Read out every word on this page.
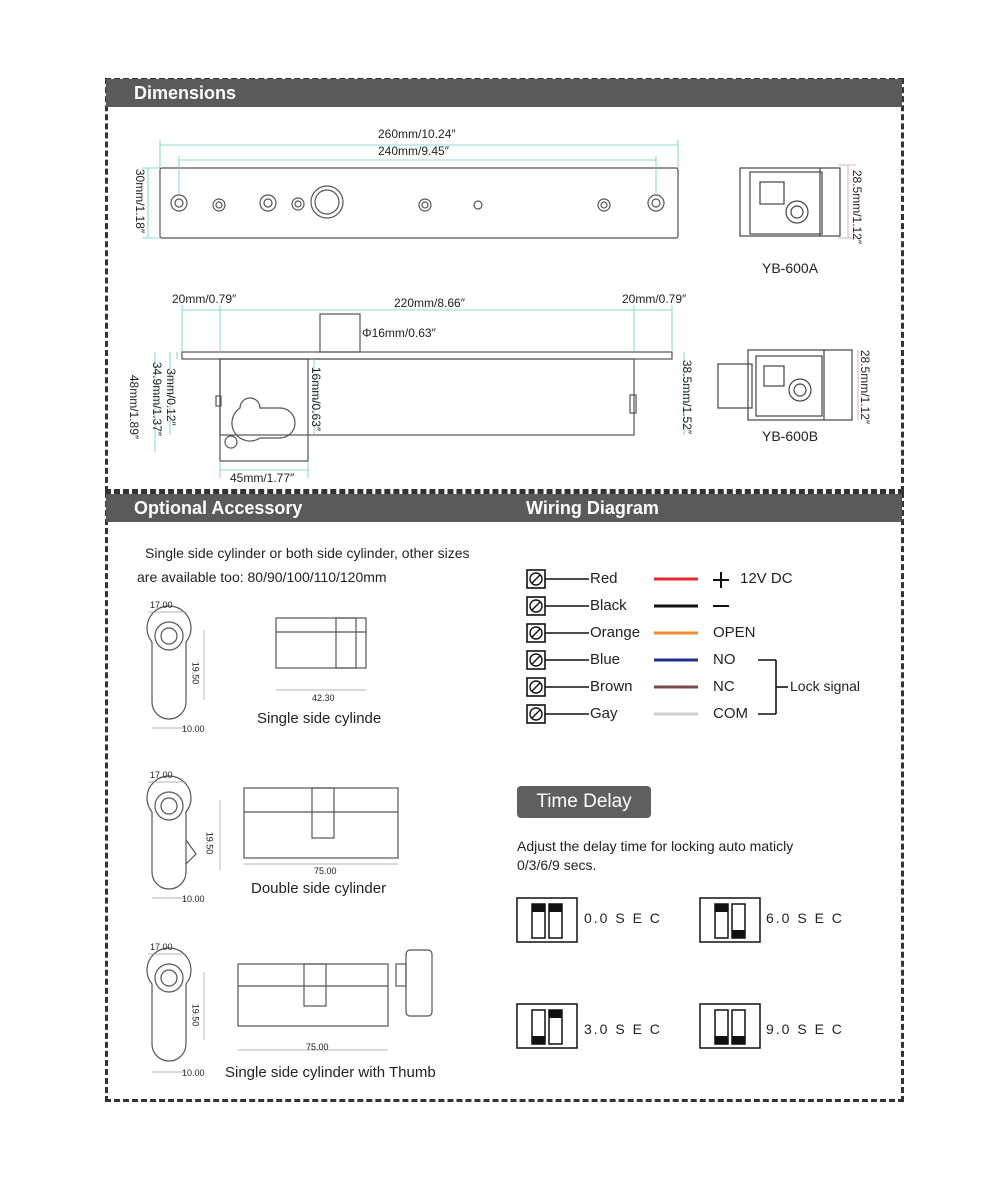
Dimensions
Optional Accessory	Wiring Diagram
260mm/10.24″
240mm/9.45″
30mm/1.18″	28.5mm/1.12″
YB-600A
20mm/0.79″	220mm/8.66″	20mm/0.79″
Φ16mm/0.63″
3mm/0.12″
34.9mm/1.37″
48mm/1.89″	16mm/0.63″	38.5mm/1.52″
45mm/1.77″
28.5mm/1.12″
YB-600B
Single side cylinder or both side cylinder, other sizes
are available too: 80/90/100/110/120mm
17.00
19.50
10.00
42.30
Single side cylinde
17.00
19.50
10.00
75.00
Double side cylinder
17.00
19.50
10.00
75.00
Single side cylinder with Thumb
Red	12V DC
Black
Orange	OPEN
Blue	NO
Brown	NC
Gay	COM
Lock signal
Time Delay
Adjust the delay time for locking auto maticly
0/3/6/9 secs.
0.0 S E C	6.0 S E C
3.0 S E C	9.0 S E C
